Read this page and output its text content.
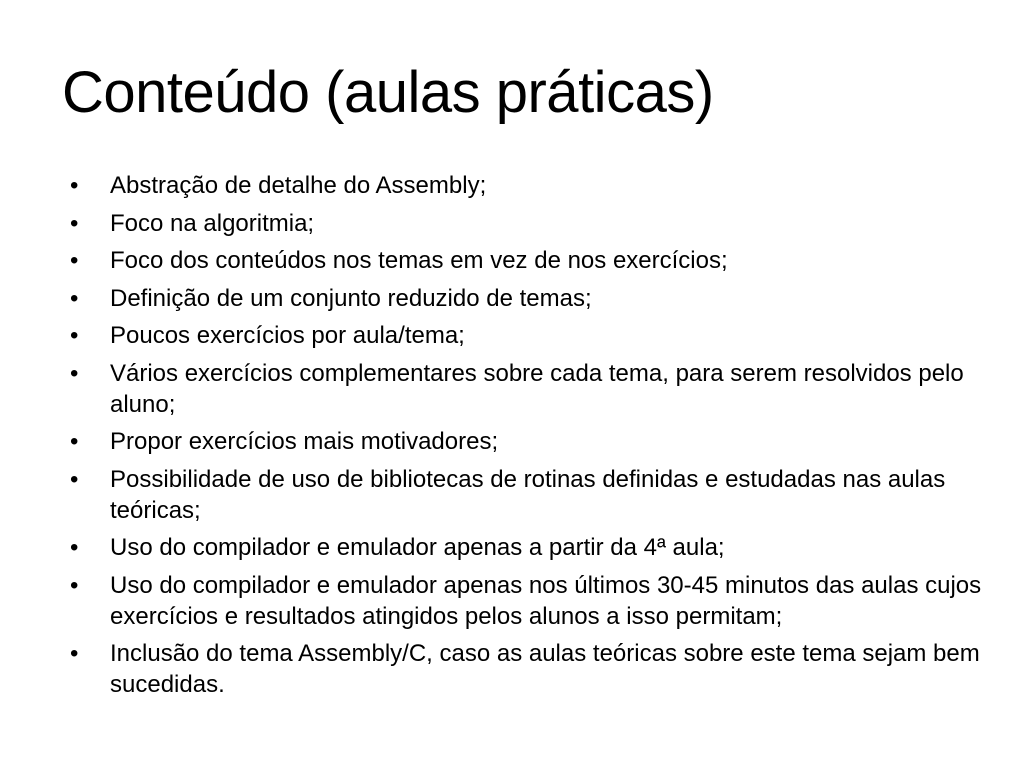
Conteúdo (aulas práticas)
•	Abstração de detalhe do Assembly;
•	Foco na algoritmia;
•	Foco dos conteúdos nos temas em vez de nos exercícios;
•	Definição de um conjunto reduzido de temas;
•	Poucos exercícios por aula/tema;
•	Vários exercícios complementares sobre cada tema, para serem resolvidos pelo aluno;
•	Propor exercícios mais motivadores;
•	Possibilidade de uso de bibliotecas de rotinas definidas e estudadas nas aulas teóricas;
•	Uso do compilador e emulador apenas a partir da 4ª aula;
•	Uso do compilador e emulador apenas nos últimos 30-45 minutos das aulas cujos exercícios e resultados atingidos pelos alunos a isso permitam;
•	Inclusão do tema Assembly/C, caso as aulas teóricas sobre este tema sejam bem sucedidas.
